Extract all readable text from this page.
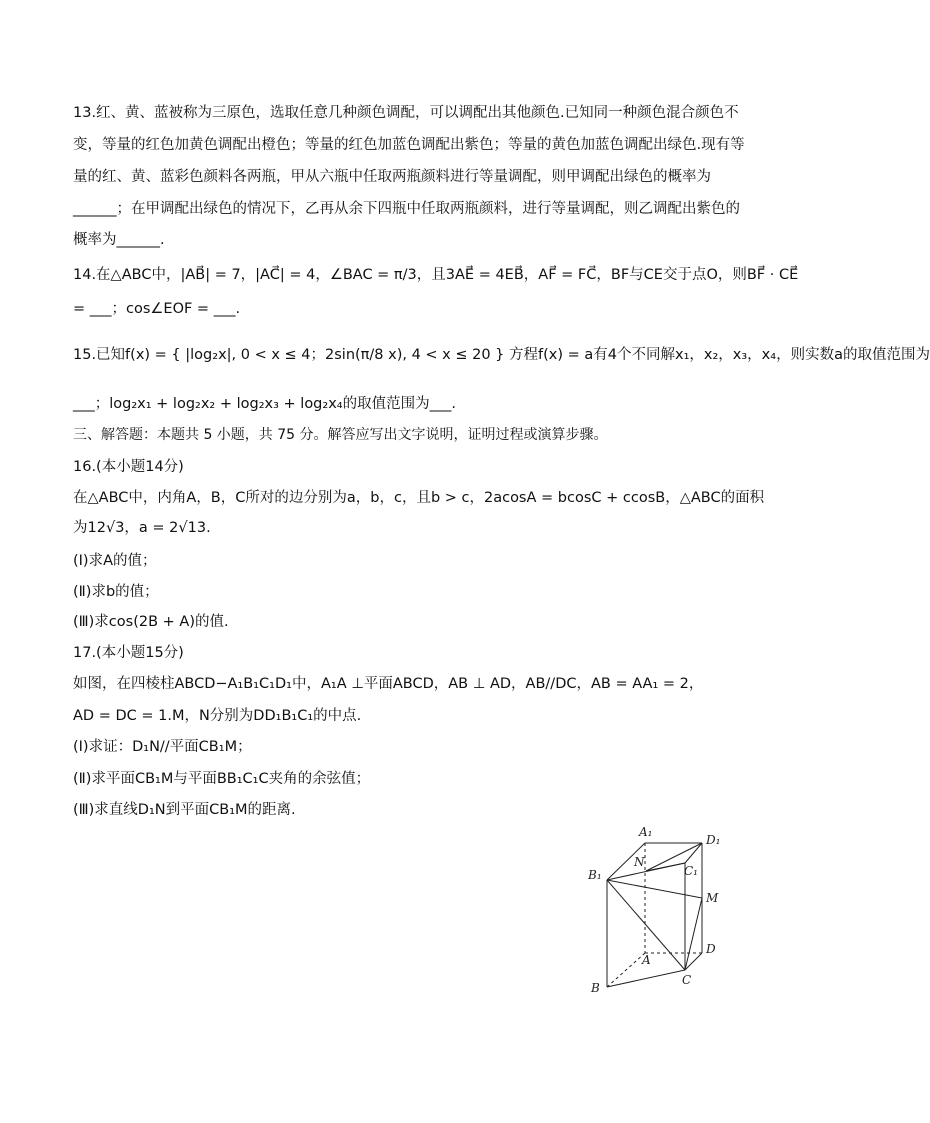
13.红、黄、蓝被称为三原色，选取任意几种颜色调配，可以调配出其他颜色.已知同一种颜色混合颜色不
变，等量的红色加黄色调配出橙色；等量的红色加蓝色调配出紫色；等量的黄色加蓝色调配出绿色.现有等
量的红、黄、蓝彩色颜料各两瓶，甲从六瓶中任取两瓶颜料进行等量调配，则甲调配出绿色的概率为
______；在甲调配出绿色的情况下，乙再从余下四瓶中任取两瓶颜料，进行等量调配，则乙调配出紫色的
概率为______.
14.在△ABC中，|AB⃗| = 7，|AC⃗| = 4，∠BAC = π/3，且3AE⃗ = 4EB⃗，AF⃗ = FC⃗，BF与CE交于点O，则BF⃗ · CE⃗
= ___；cos∠EOF = ___.
15.已知f(x) = { |log₂x|, 0 < x ≤ 4；2sin(π/8 x), 4 < x ≤ 20 } 方程f(x) = a有4个不同解x₁，x₂，x₃，x₄，则实数a的取值范围为
___；log₂x₁ + log₂x₂ + log₂x₃ + log₂x₄的取值范围为___.
三、解答题：本题共 5 小题，共 75 分。解答应写出文字说明，证明过程或演算步骤。
16.(本小题14分)
在△ABC中，内角A，B，C所对的边分别为a，b，c，且b > c，2acosA = bcosC + ccosB，△ABC的面积
为12√3，a = 2√13.
(Ⅰ)求A的值；
(Ⅱ)求b的值；
(Ⅲ)求cos(2B + A)的值.
17.(本小题15分)
如图，在四棱柱ABCD−A₁B₁C₁D₁中，A₁A ⊥平面ABCD，AB ⊥ AD，AB//DC，AB = AA₁ = 2，
AD = DC = 1.M，N分别为DD₁B₁C₁的中点.
(Ⅰ)求证：D₁N//平面CB₁M；
(Ⅱ)求平面CB₁M与平面BB₁C₁C夹角的余弦值；
(Ⅲ)求直线D₁N到平面CB₁M的距离.
A₁
D₁
N
C₁
B₁
M
D
A
B
C
